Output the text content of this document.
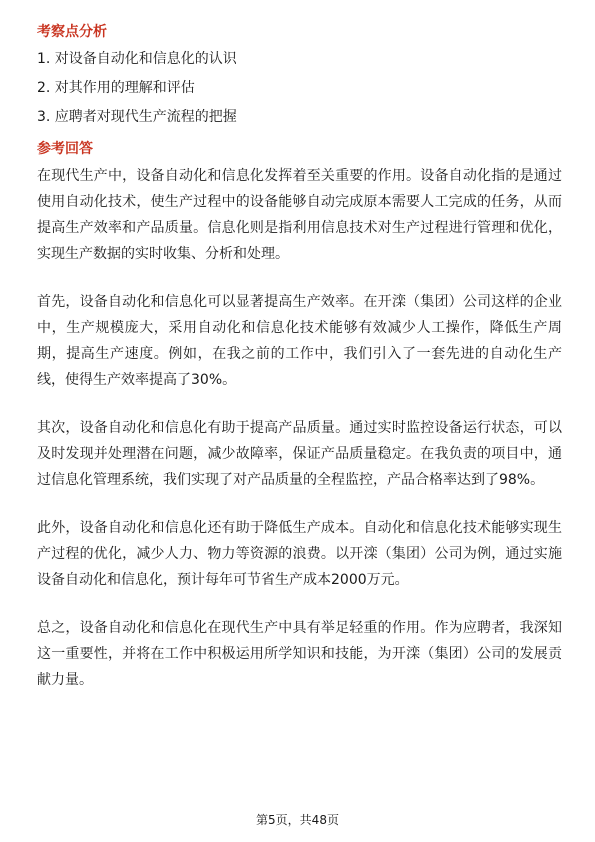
考察点分析
1. 对设备自动化和信息化的认识
2. 对其作用的理解和评估
3. 应聘者对现代生产流程的把握
参考回答

在现代生产中，设备自动化和信息化发挥着至关重要的作用。设备自动化指的是通过使用自动化技术，使生产过程中的设备能够自动完成原本需要人工完成的任务，从而提高生产效率和产品质量。信息化则是指利用信息技术对生产过程进行管理和优化，实现生产数据的实时收集、分析和处理。

首先，设备自动化和信息化可以显著提高生产效率。在开滦（集团）公司这样的企业中，生产规模庞大，采用自动化和信息化技术能够有效减少人工操作，降低生产周期，提高生产速度。例如，在我之前的工作中，我们引入了一套先进的自动化生产线，使得生产效率提高了30%。

其次，设备自动化和信息化有助于提高产品质量。通过实时监控设备运行状态，可以及时发现并处理潜在问题，减少故障率，保证产品质量稳定。在我负责的项目中，通过信息化管理系统，我们实现了对产品质量的全程监控，产品合格率达到了98%。

此外，设备自动化和信息化还有助于降低生产成本。自动化和信息化技术能够实现生产过程的优化，减少人力、物力等资源的浪费。以开滦（集团）公司为例，通过实施设备自动化和信息化，预计每年可节省生产成本2000万元。

总之，设备自动化和信息化在现代生产中具有举足轻重的作用。作为应聘者，我深知这一重要性，并将在工作中积极运用所学知识和技能，为开滦（集团）公司的发展贡献力量。

第5页，共48页
